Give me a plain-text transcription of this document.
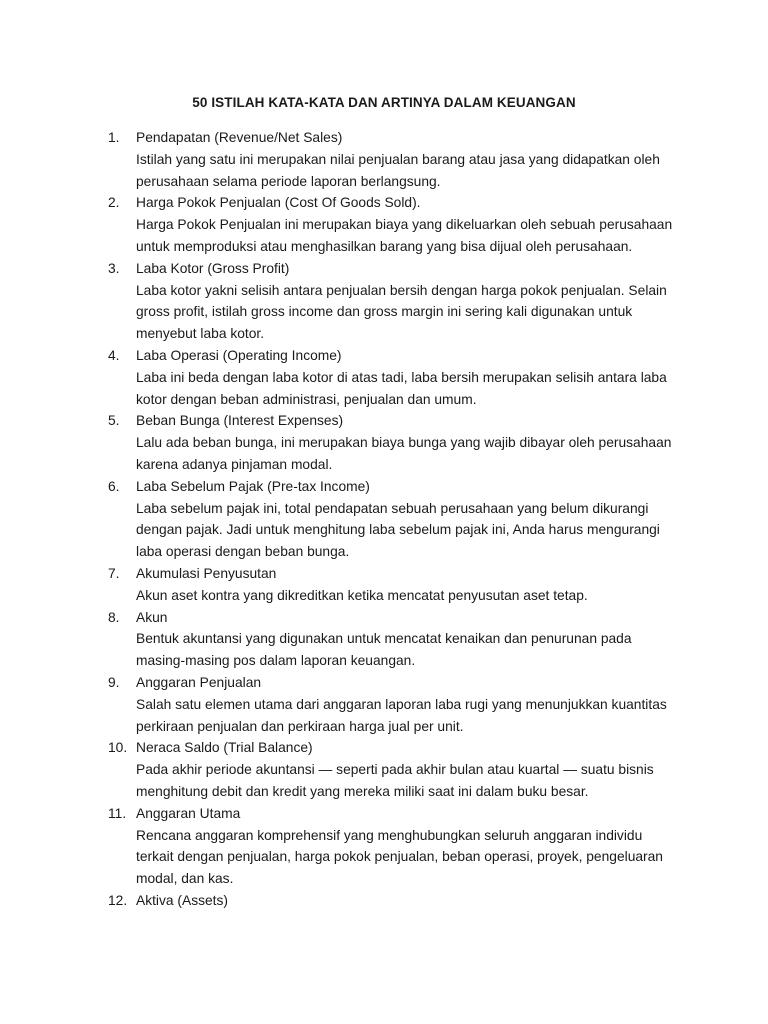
50 ISTILAH KATA-KATA DAN ARTINYA DALAM KEUANGAN
1.	Pendapatan (Revenue/Net Sales)
Istilah yang satu ini merupakan nilai penjualan barang atau jasa yang didapatkan oleh
perusahaan selama periode laporan berlangsung.
2.	Harga Pokok Penjualan (Cost Of Goods Sold).
Harga Pokok Penjualan ini merupakan biaya yang dikeluarkan oleh sebuah perusahaan
untuk memproduksi atau menghasilkan barang yang bisa dijual oleh perusahaan.
3.	Laba Kotor (Gross Profit)
Laba kotor yakni selisih antara penjualan bersih dengan harga pokok penjualan. Selain
gross profit, istilah gross income dan gross margin ini sering kali digunakan untuk
menyebut laba kotor.
4.	Laba Operasi (Operating Income)
Laba ini beda dengan laba kotor di atas tadi, laba bersih merupakan selisih antara laba
kotor dengan beban administrasi, penjualan dan umum.
5.	Beban Bunga (Interest Expenses)
Lalu ada beban bunga, ini merupakan biaya bunga yang wajib dibayar oleh perusahaan
karena adanya pinjaman modal.
6.	Laba Sebelum Pajak (Pre-tax Income)
Laba sebelum pajak ini, total pendapatan sebuah perusahaan yang belum dikurangi
dengan pajak. Jadi untuk menghitung laba sebelum pajak ini, Anda harus mengurangi
laba operasi dengan beban bunga.
7.	Akumulasi Penyusutan
Akun aset kontra yang dikreditkan ketika mencatat penyusutan aset tetap.
8.	Akun
Bentuk akuntansi yang digunakan untuk mencatat kenaikan dan penurunan pada
masing-masing pos dalam laporan keuangan.
9.	Anggaran Penjualan
Salah satu elemen utama dari anggaran laporan laba rugi yang menunjukkan kuantitas
perkiraan penjualan dan perkiraan harga jual per unit.
10. Neraca Saldo (Trial Balance)
Pada akhir periode akuntansi — seperti pada akhir bulan atau kuartal — suatu bisnis
menghitung debit dan kredit yang mereka miliki saat ini dalam buku besar.
11. Anggaran Utama
Rencana anggaran komprehensif yang menghubungkan seluruh anggaran individu
terkait dengan penjualan, harga pokok penjualan, beban operasi, proyek, pengeluaran
modal, dan kas.
12. Aktiva (Assets)
